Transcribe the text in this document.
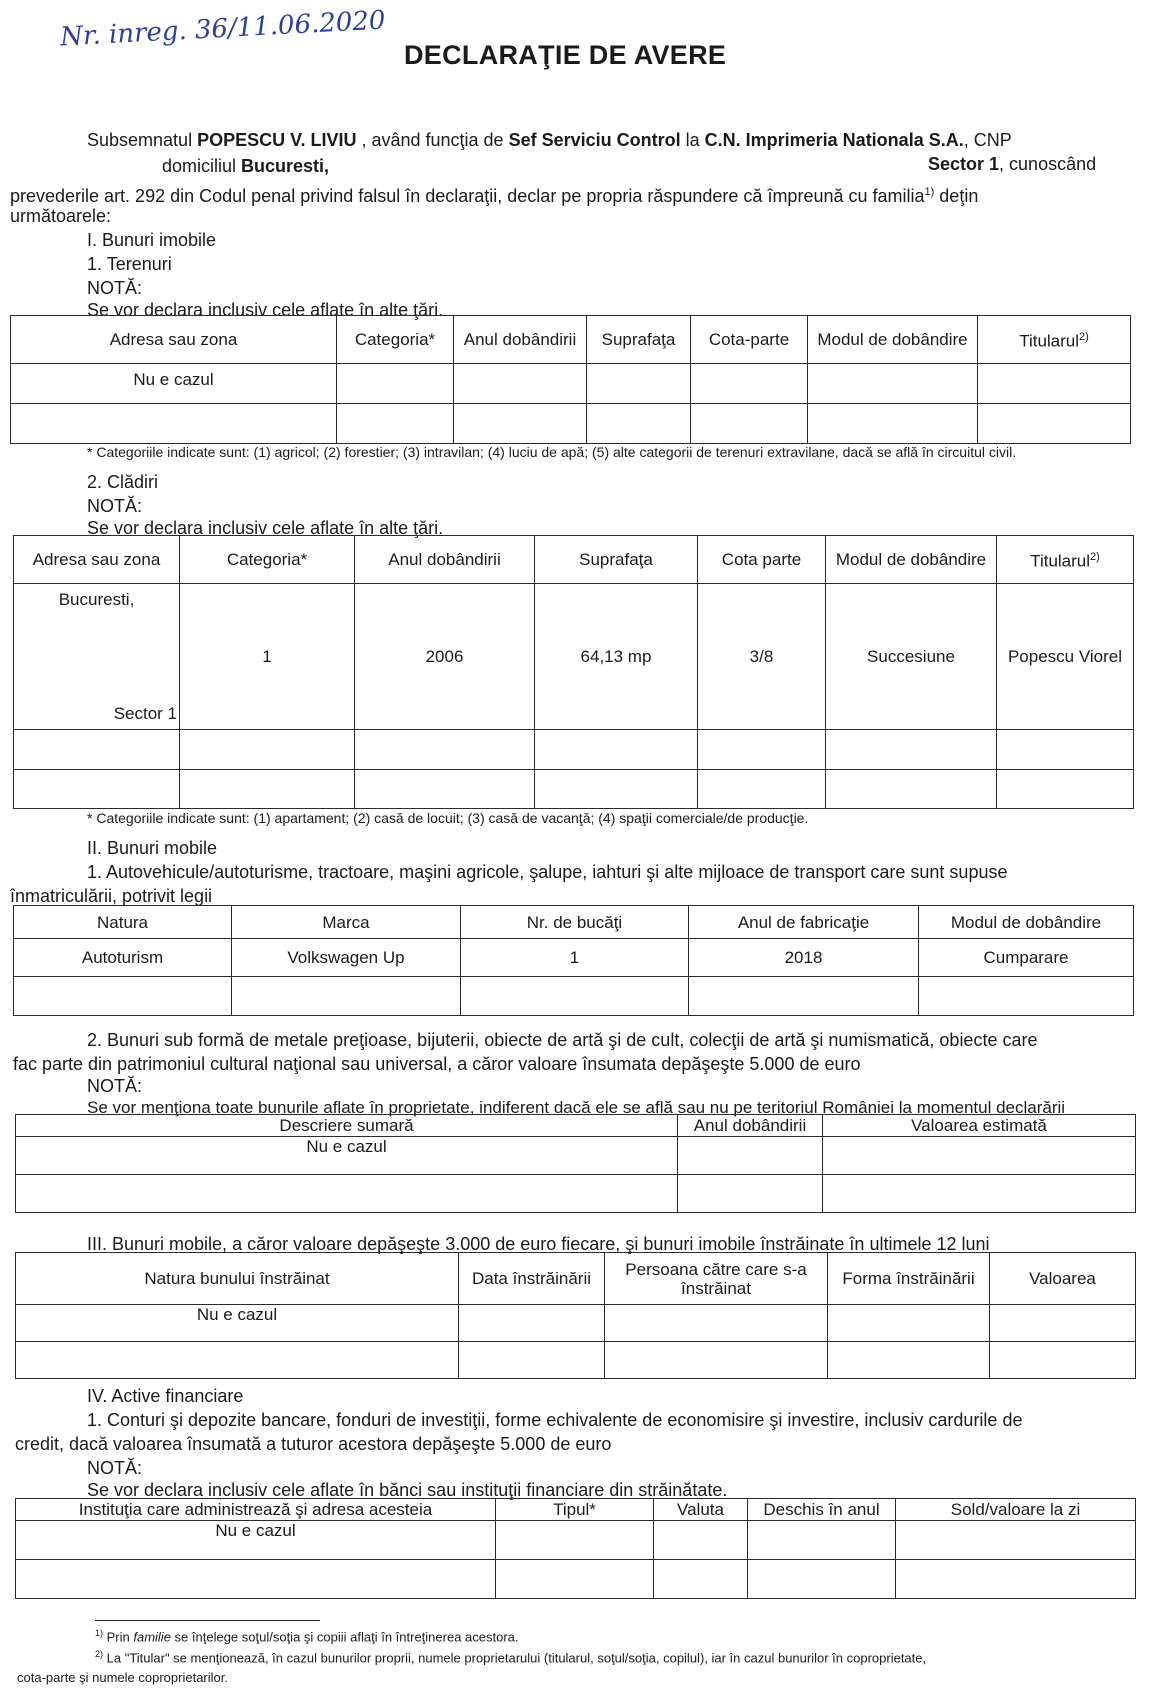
Nr. inreg. 36/11.06.2020
DECLARAŢIE DE AVERE
Subsemnatul POPESCU V. LIVIU , având funcţia de Sef Serviciu Control la C.N. Imprimeria Nationala S.A., CNP
domiciliul Bucuresti,	Sector 1, cunoscând
prevederile art. 292 din Codul penal privind falsul în declaraţii, declar pe propria răspundere că împreună cu familia$^{1)}$ deţin
următoarele:
I. Bunuri imobile
1. Terenuri
NOTĂ:
Se vor declara inclusiv cele aflate în alte ţări.
Adresa sau zona	Categoria*	Anul dobândirii	Suprafaţa	Cota-parte	Modul de dobândire	Titularul$^{2)}$
Nu e cazul						

* Categoriile indicate sunt: (1) agricol; (2) forestier; (3) intravilan; (4) luciu de apă; (5) alte categorii de terenuri extravilane, dacă se află în circuitul civil.
2. Clădiri
NOTĂ:
Se vor declara inclusiv cele aflate în alte ţări.
Adresa sau zona	Categoria*	Anul dobândirii	Suprafaţa	Cota parte	Modul de dobândire	Titularul$^{2)}$

Bucuresti,
Sector 1	1	2006	64,13 mp	3/8	Succesiune	Popescu Viorel

* Categoriile indicate sunt: (1) apartament; (2) casă de locuit; (3) casă de vacanţă; (4) spaţii comerciale/de producţie.
II. Bunuri mobile
1. Autovehicule/autoturisme, tractoare, maşini agricole, şalupe, iahturi şi alte mijloace de transport care sunt supuse
înmatriculării, potrivit legii
Natura	Marca	Nr. de bucăţi	Anul de fabricaţie	Modul de dobândire
Autoturism	Volkswagen Up	1	2018	Cumparare

2. Bunuri sub formă de metale preţioase, bijuterii, obiecte de artă şi de cult, colecţii de artă şi numismatică, obiecte care
fac parte din patrimoniul cultural naţional sau universal, a căror valoare însumata depăşeşte 5.000 de euro
NOTĂ:
Se vor menţiona toate bunurile aflate în proprietate, indiferent dacă ele se află sau nu pe teritoriul României la momentul declarării
Descriere sumară	Anul dobândirii	Valoarea estimată
Nu e cazul		

III. Bunuri mobile, a căror valoare depăşeşte 3.000 de euro fiecare, şi bunuri imobile înstrăinate în ultimele 12 luni
Natura bunului înstrăinat	Data înstrăinării	Persoana către care s-a înstrăinat	Forma înstrăinării	Valoarea
Nu e cazul				

IV. Active financiare
1. Conturi şi depozite bancare, fonduri de investiţii, forme echivalente de economisire şi investire, inclusiv cardurile de
credit, dacă valoarea însumată a tuturor acestora depăşeşte 5.000 de euro
NOTĂ:
Se vor declara inclusiv cele aflate în bănci sau instituţii financiare din străinătate.
Instituţia care administrează şi adresa acesteia	Tipul*	Valuta	Deschis în anul	Sold/valoare la zi
Nu e cazul				

$^{1)}$ Prin familie se înţelege soţul/soţia şi copiii aflaţi în întreţinerea acestora.
$^{2)}$ La "Titular" se menţionează, în cazul bunurilor proprii, numele proprietarului (titularul, soţul/soţia, copilul), iar în cazul bunurilor în coproprietate,
cota-parte şi numele coproprietarilor.
